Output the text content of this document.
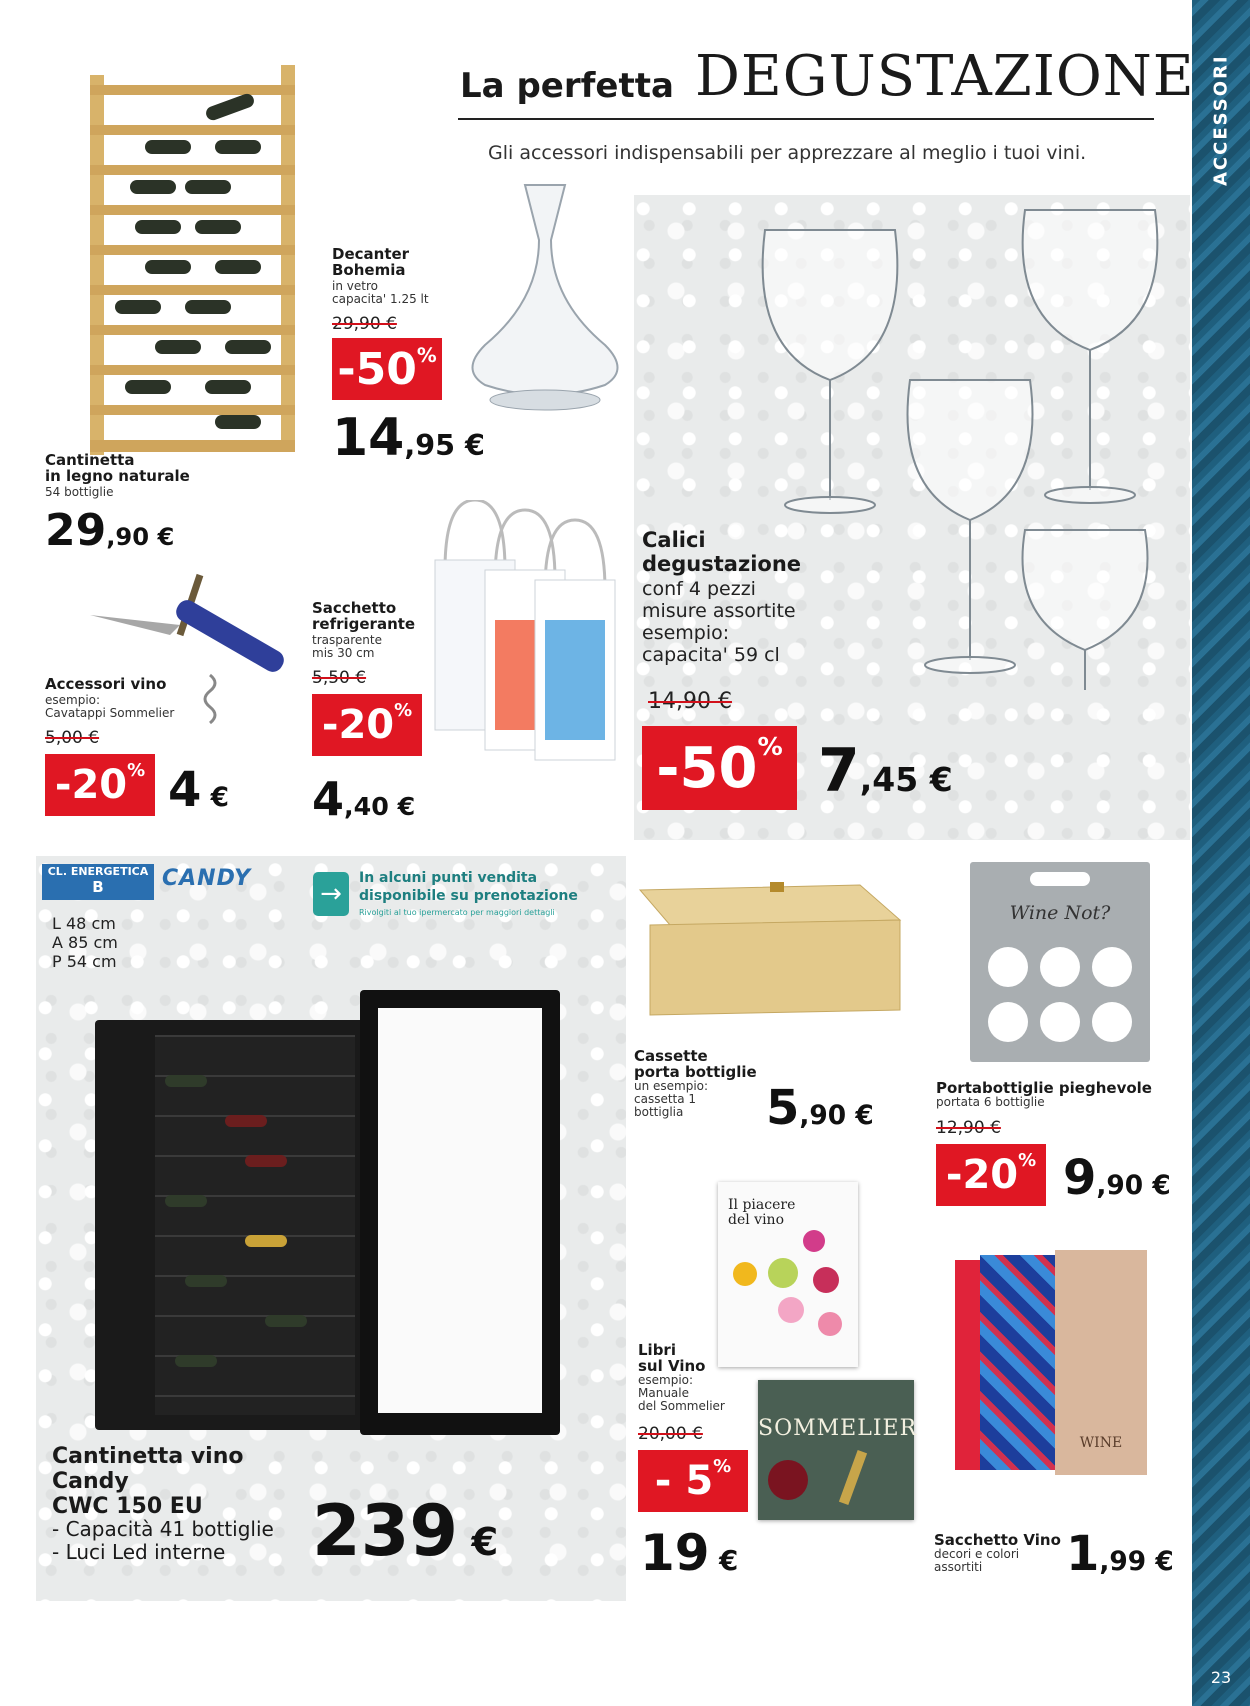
ACCESSORI
23
La perfetta DEGUSTAZIONE
Gli accessori indispensabili per apprezzare al meglio i tuoi vini.
Cantinetta
in legno naturale
54 bottiglie
29,90 €
Decanter
Bohemia
in vetro
capacita' 1.25 lt
29,90 €
-50%
14,95 €
Calici
degustazione
conf 4 pezzi
misure assortite
esempio:
capacita' 59 cl
14,90 €
-50% 7,45 €
Accessori vino
esempio:
Cavatappi Sommelier
5,00 €
-20% 4 €
Sacchetto
refrigerante
trasparente
mis 30 cm
5,50 €
-20%
4,40 €
CL. ENERGETICA
B	CANDY
→
In alcuni punti vendita
disponibile su prenotazione
Rivolgiti al tuo ipermercato per maggiori dettagli
L 48 cm
A 85 cm
P 54 cm
Cantinetta vino
Candy
CWC 150 EU
- Capacità 41 bottiglie
- Luci Led interne	239 €
Cassette
porta bottiglie
un esempio:
cassetta 1
bottiglia	5,90 €
Wine Not?
Portabottiglie pieghevole
portata 6 bottiglie
12,90 €
-20% 9,90 €
Il piacere
del vino
SOMMELIER
Libri
sul Vino
esempio:
Manuale
del Sommelier
20,00 €
- 5%
19 €
WINE
Sacchetto Vino
decori e colori
assortiti	1,99 €
